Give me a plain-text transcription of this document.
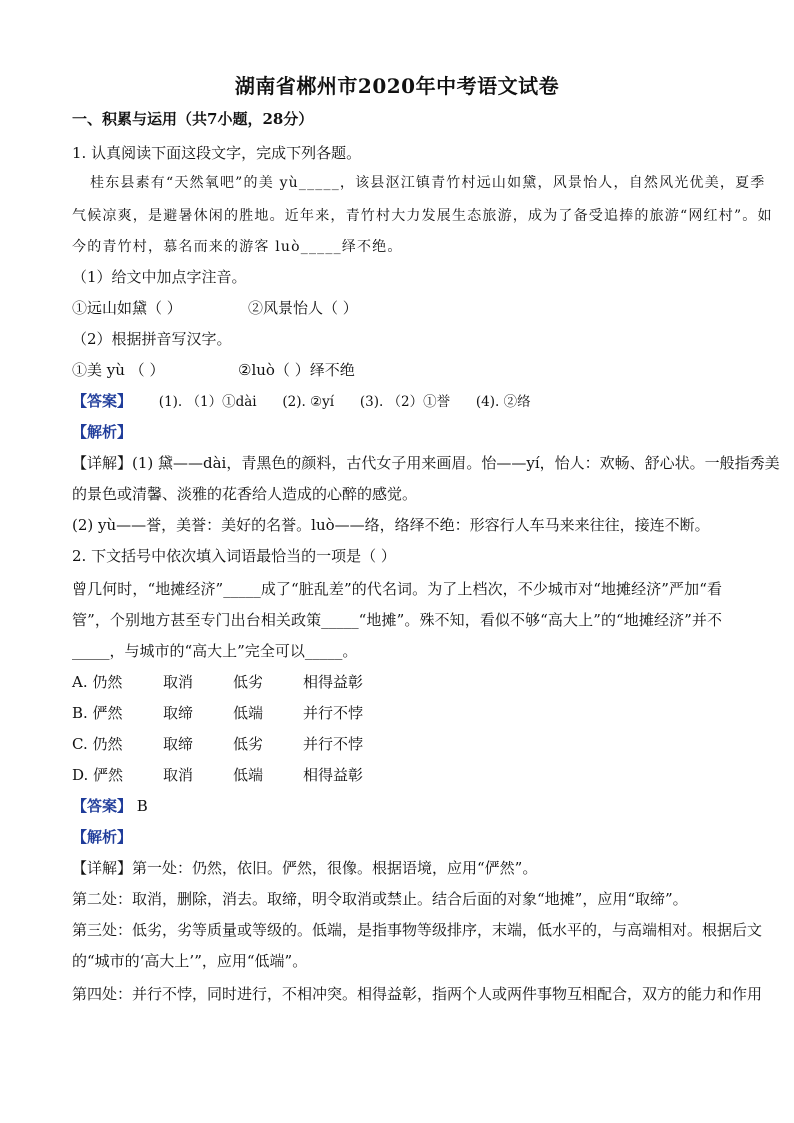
湖南省郴州市2020年中考语文试卷
一、积累与运用（共7小题，28分）
1. 认真阅读下面这段文字，完成下列各题。
桂东县素有“天然氧吧”的美 yù_____，该县沤江镇青竹村远山如黛，风景怡人，自然风光优美，夏季
气候凉爽，是避暑休闲的胜地。近年来，青竹村大力发展生态旅游，成为了备受追捧的旅游“网红村”。如
今的青竹村，慕名而来的游客 luò_____绎不绝。
（1）给文中加点字注音。
①远山如黛（ ）	②风景怡人（ ）
（2）根据拼音写汉字。
①美 yù （ ）	②luò（ ）绎不绝
【答案】 (1). （1）①dài      (2). ②yí      (3). （2）①誉      (4). ②络
【解析】
【详解】(1) 黛——dài，青黑色的颜料，古代女子用来画眉。怡——yí，怡人：欢畅、舒心状。一般指秀美
的景色或清馨、淡雅的花香给人造成的心醉的感觉。
(2) yù——誉，美誉：美好的名誉。luò——络，络绎不绝：形容行人车马来来往往，接连不断。
2. 下文括号中依次填入词语最恰当的一项是（ ）
曾几何时，“地摊经济”_____成了“脏乱差”的代名词。为了上档次，不少城市对“地摊经济”严加“看
管”，个别地方甚至专门出台相关政策_____“地摊”。殊不知，看似不够“高大上”的“地摊经济”并不
_____，与城市的“高大上”完全可以_____。
A. 仍然	取消	低劣	相得益彰
B. 俨然	取缔	低端	并行不悖
C. 仍然	取缔	低劣	并行不悖
D. 俨然	取消	低端	相得益彰
【答案】 B
【解析】
【详解】第一处：仍然，依旧。俨然，很像。根据语境，应用“俨然”。
第二处：取消，删除，消去。取缔，明令取消或禁止。结合后面的对象“地摊”，应用“取缔”。
第三处：低劣，劣等质量或等级的。低端，是指事物等级排序，末端，低水平的，与高端相对。根据后文
的“城市的‘高大上’”，应用“低端”。
第四处：并行不悖，同时进行，不相冲突。相得益彰，指两个人或两件事物互相配合，双方的能力和作用
